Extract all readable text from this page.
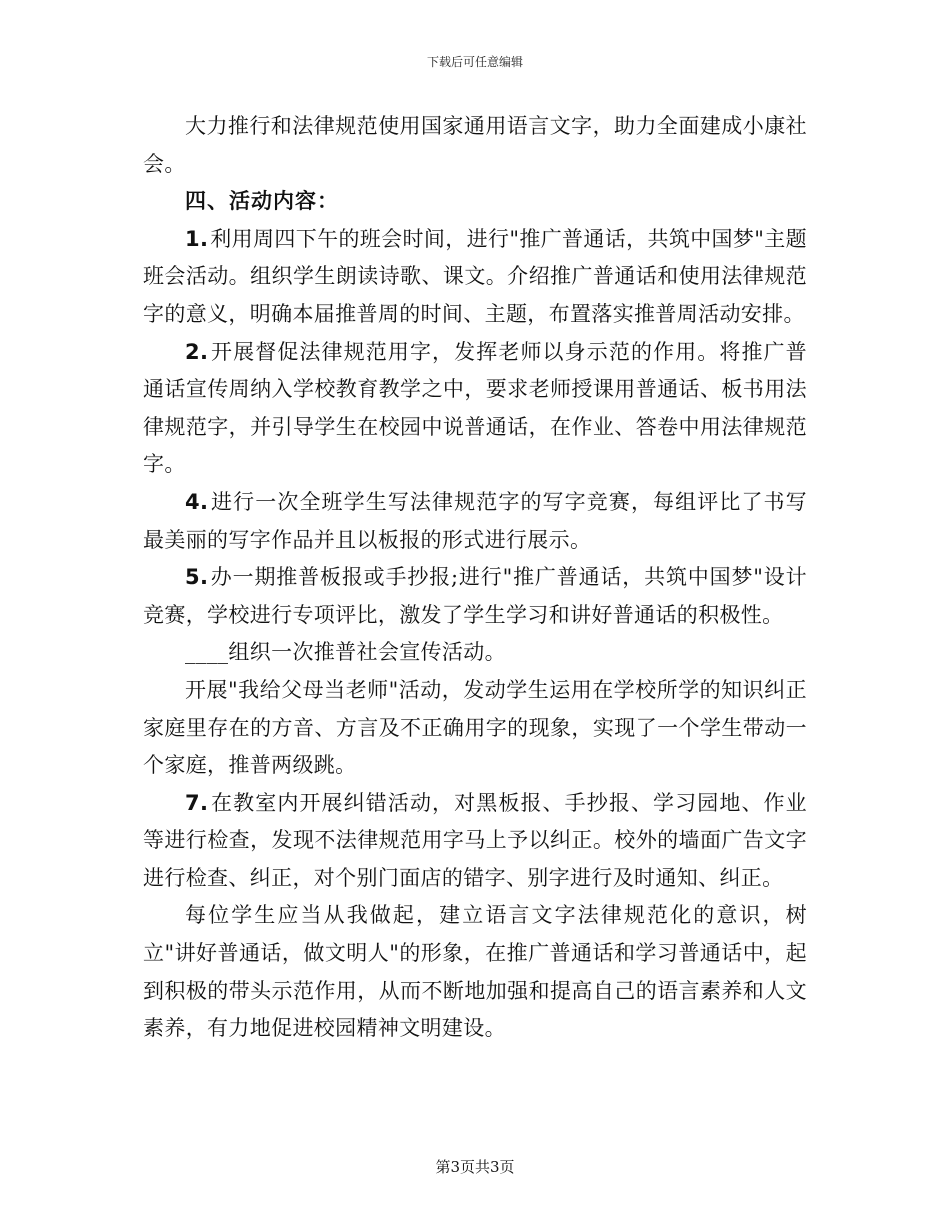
下载后可任意编辑

大力推行和法律规范使用国家通用语言文字，助力全面建成小康社会。

四、活动内容：

1.利用周四下午的班会时间，进行"推广普通话，共筑中国梦"主题班会活动。组织学生朗读诗歌、课文。介绍推广普通话和使用法律规范字的意义，明确本届推普周的时间、主题，布置落实推普周活动安排。

2.开展督促法律规范用字，发挥老师以身示范的作用。将推广普通话宣传周纳入学校教育教学之中，要求老师授课用普通话、板书用法律规范字，并引导学生在校园中说普通话，在作业、答卷中用法律规范字。

4.进行一次全班学生写法律规范字的写字竞赛，每组评比了书写最美丽的写字作品并且以板报的形式进行展示。

5.办一期推普板报或手抄报;进行"推广普通话，共筑中国梦"设计竞赛，学校进行专项评比，激发了学生学习和讲好普通话的积极性。

____组织一次推普社会宣传活动。

开展"我给父母当老师"活动，发动学生运用在学校所学的知识纠正家庭里存在的方音、方言及不正确用字的现象，实现了一个学生带动一个家庭，推普两级跳。

7.在教室内开展纠错活动，对黑板报、手抄报、学习园地、作业等进行检查，发现不法律规范用字马上予以纠正。校外的墙面广告文字进行检查、纠正，对个别门面店的错字、别字进行及时通知、纠正。

每位学生应当从我做起，建立语言文字法律规范化的意识，树立"讲好普通话，做文明人"的形象，在推广普通话和学习普通话中，起到积极的带头示范作用，从而不断地加强和提高自己的语言素养和人文素养，有力地促进校园精神文明建设。

第3页共3页
